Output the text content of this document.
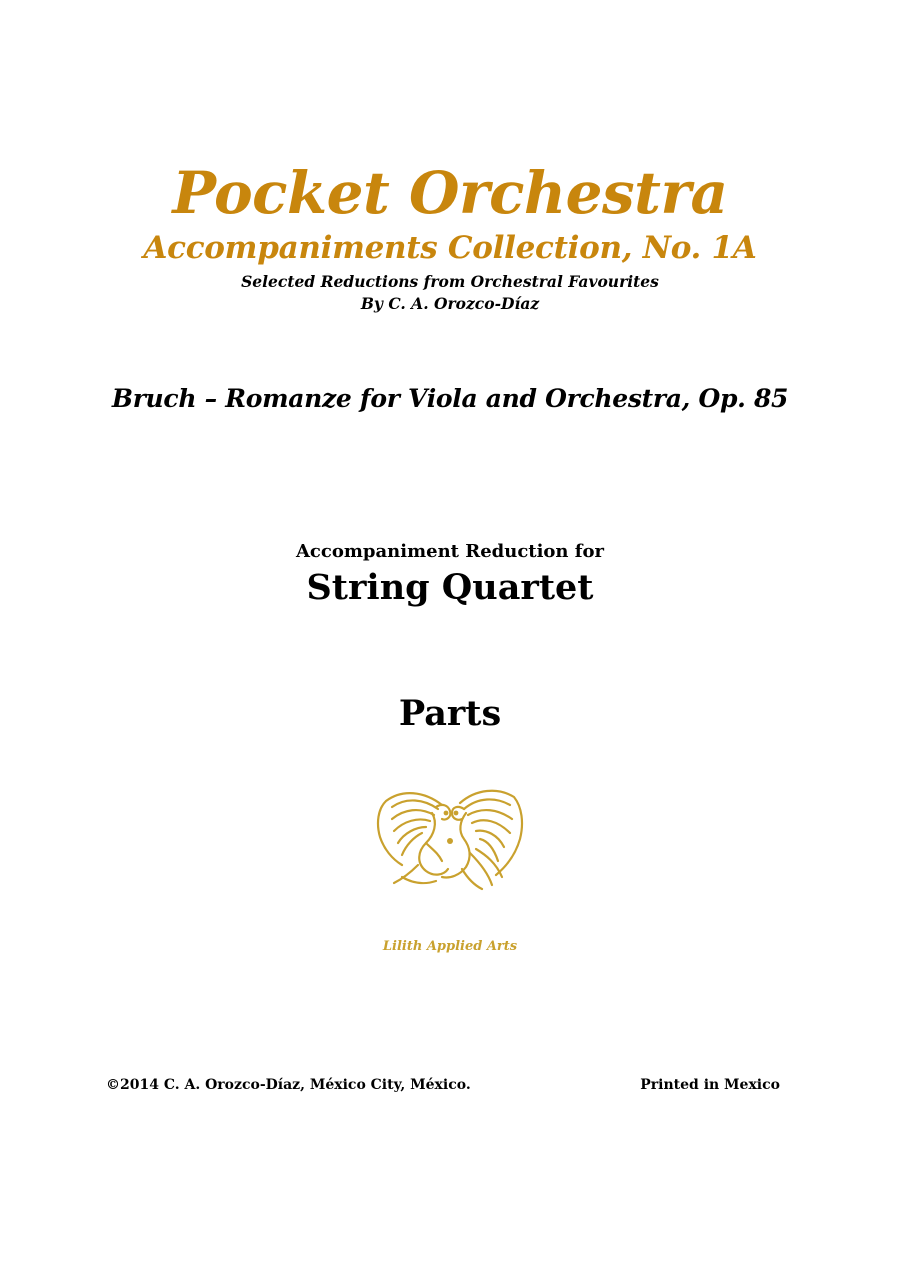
Pocket Orchestra
Accompaniments Collection, No. 1A
Selected Reductions from Orchestral Favourites
By C. A. Orozco-Díaz
Bruch – Romanze for Viola and Orchestra, Op. 85
Accompaniment Reduction for
String Quartet
Parts
Lilith Applied Arts
©2014 C. A. Orozco-Díaz, México City, México.	Printed in Mexico
